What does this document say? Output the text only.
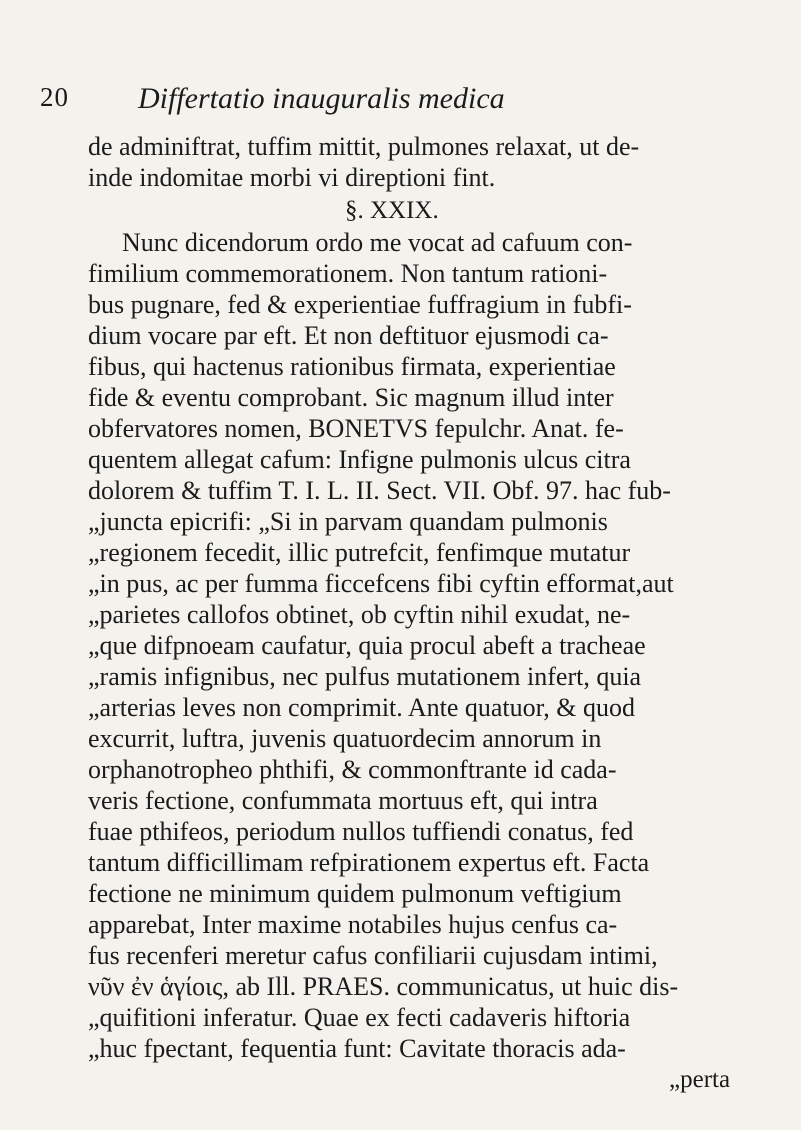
20 Differtatio inauguralis medica
de adminiftrat, tuffim mittit, pulmones relaxat, ut de-
inde indomitae morbi vi direptioni fint.
§. XXIX.
Nunc dicendorum ordo me vocat ad cafuum con-
fimilium commemorationem. Non tantum rationi-
bus pugnare, fed & experientiae fuffragium in fubfi-
dium vocare par eft. Et non deftituor ejusmodi ca-
fibus, qui hactenus rationibus firmata, experientiae
fide & eventu comprobant. Sic magnum illud inter
obfervatores nomen, BONETVS fepulchr. Anat. fe-
quentem allegat cafum: Infigne pulmonis ulcus citra
dolorem & tuffim T. I. L. II. Sect. VII. Obf. 97. hac fub-
„juncta epicrifi: „Si in parvam quandam pulmonis
„regionem fecedit, illic putrefcit, fenfimque mutatur
„in pus, ac per fumma ficcefcens fibi cyftin efformat,aut
„parietes callofos obtinet, ob cyftin nihil exudat, ne-
„que difpnoeam caufatur, quia procul abeft a tracheae
„ramis infignibus, nec pulfus mutationem infert, quia
„arterias leves non comprimit. Ante quatuor, & quod
excurrit, luftra, juvenis quatuordecim annorum in
orphanotropheo phthifi, & commonftrante id cada-
veris fectione, confummata mortuus eft, qui intra
fuae pthifeos, periodum nullos tuffiendi conatus, fed
tantum difficillimam refpirationem expertus eft. Facta
fectione ne minimum quidem pulmonum veftigium
apparebat, Inter maxime notabiles hujus cenfus ca-
fus recenferi meretur cafus confiliarii cujusdam intimi,
νῦν ἐν ἁγίοις, ab Ill. PRAES. communicatus, ut huic dis-
„quifitioni inferatur. Quae ex fecti cadaveris hiftoria
„huc fpectant, fequentia funt: Cavitate thoracis ada-
„perta
